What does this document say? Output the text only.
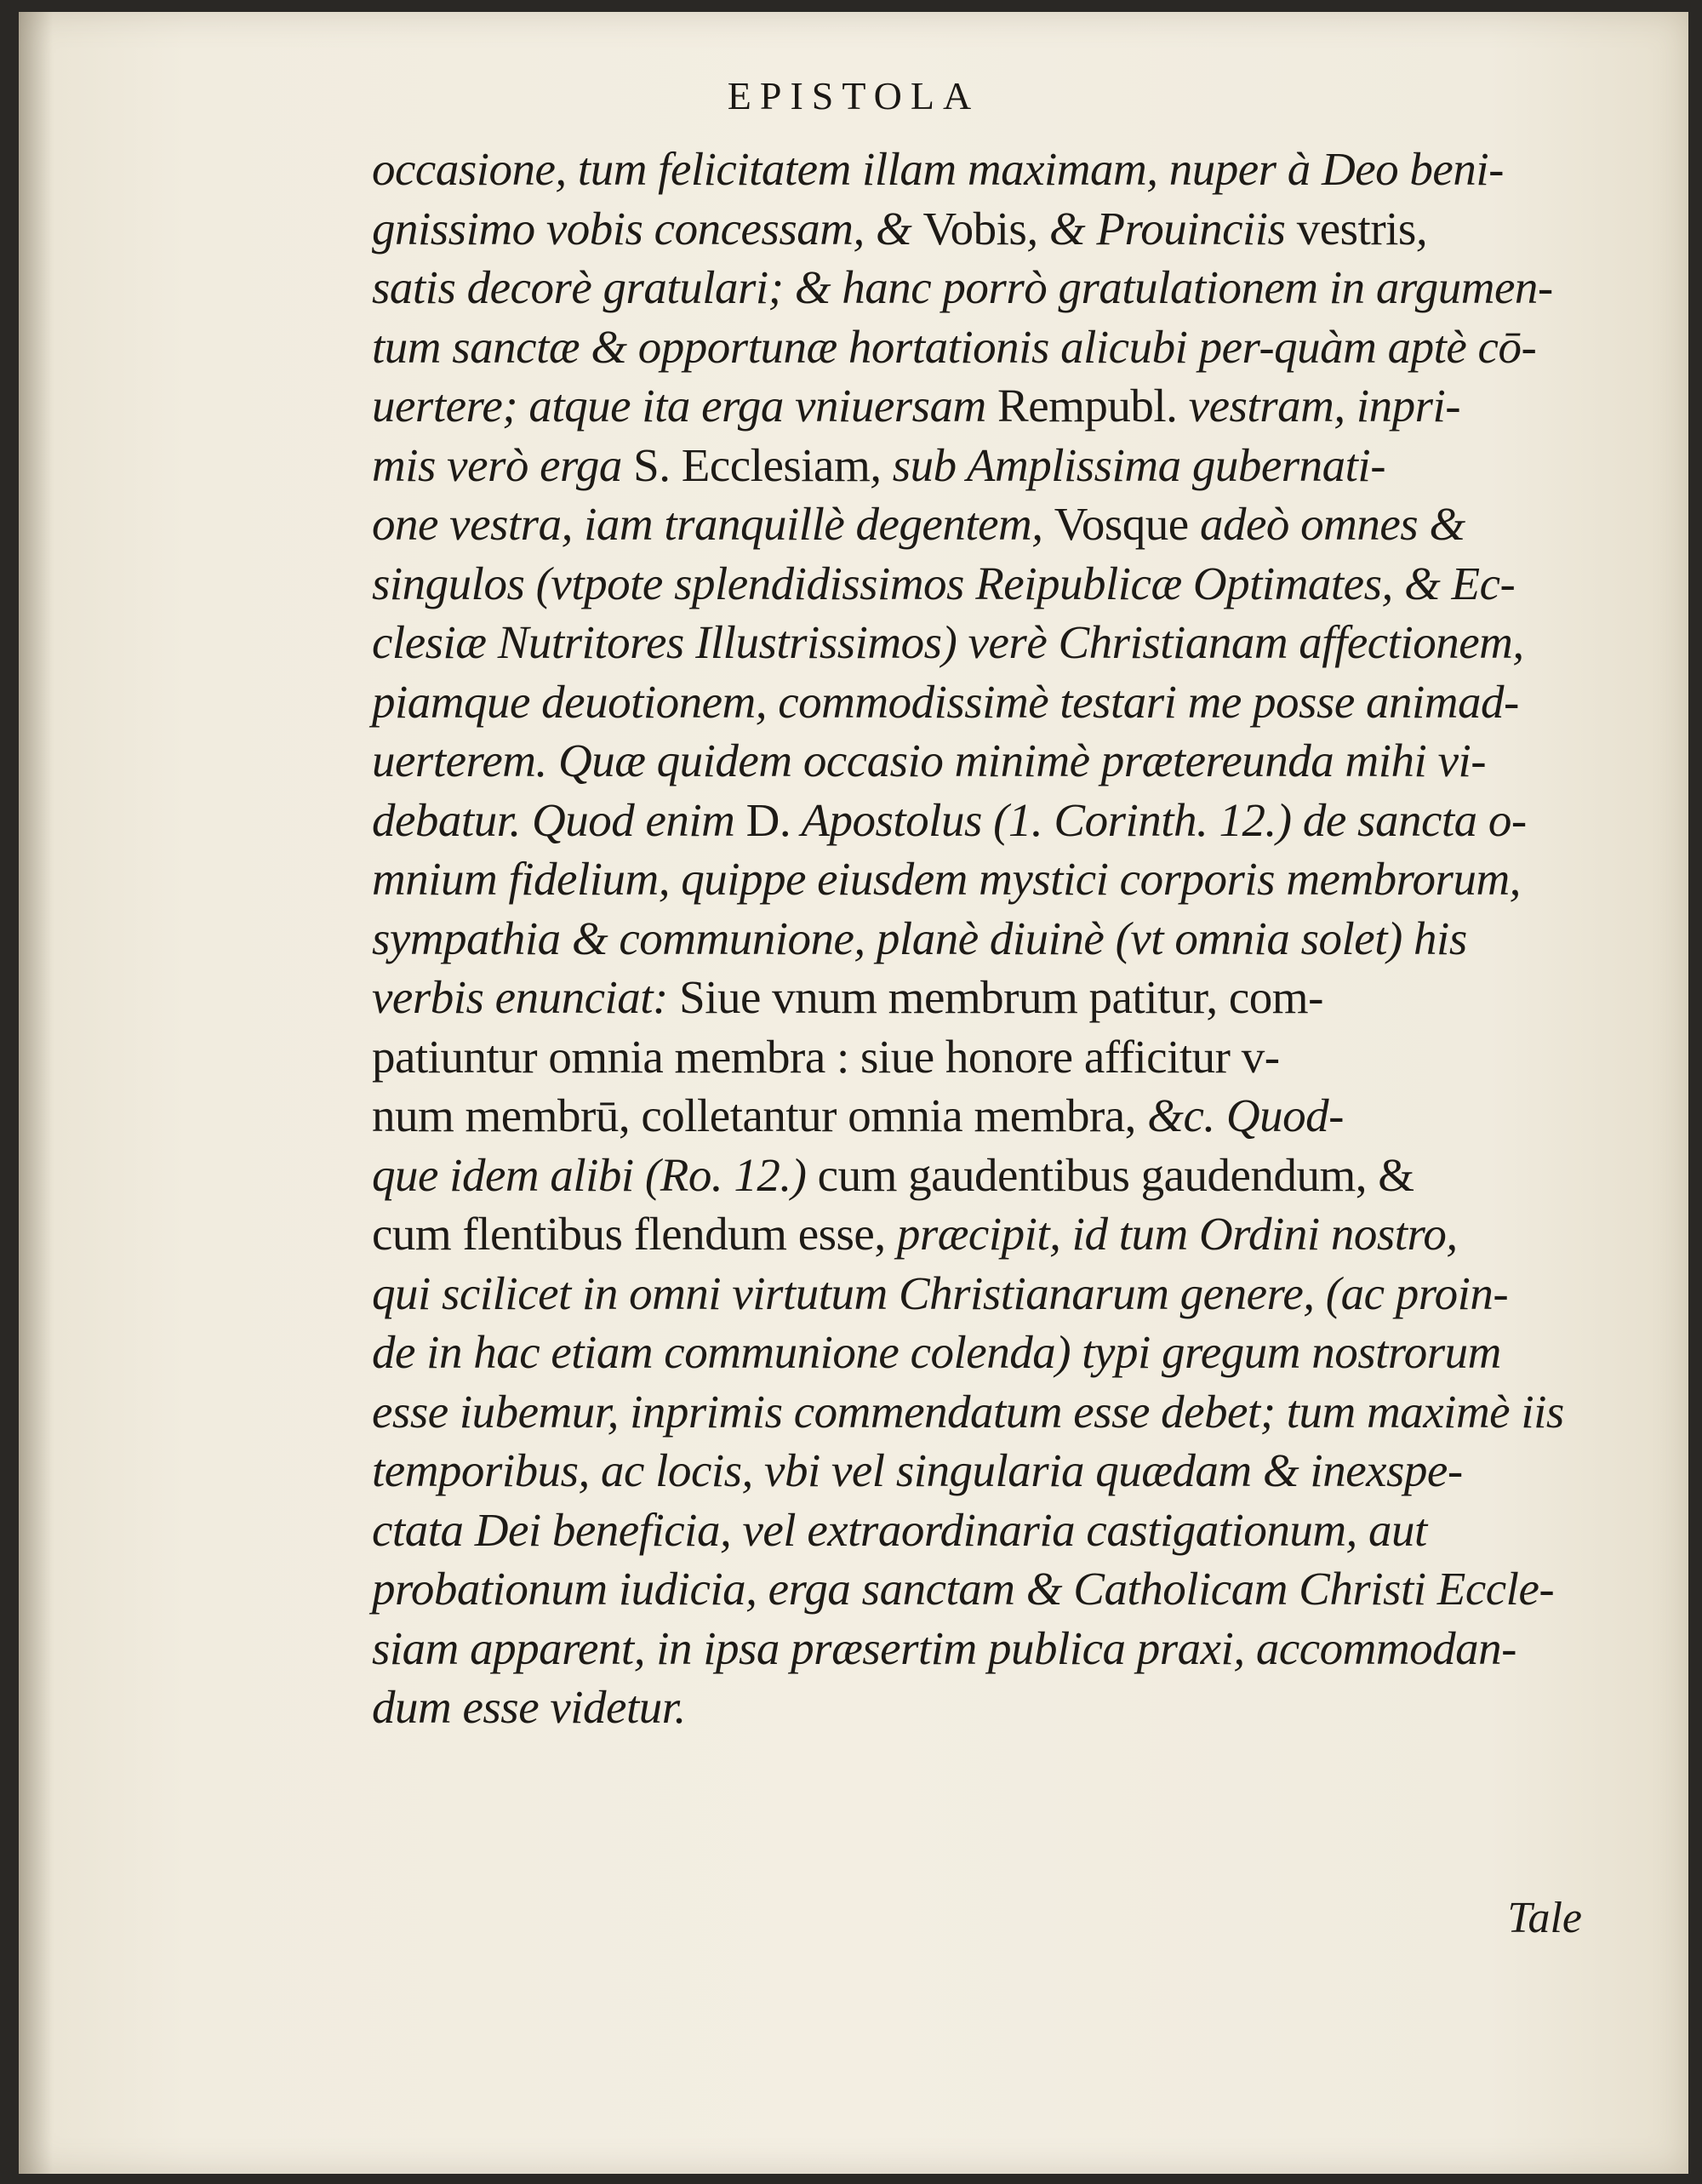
EPISTOLA
occasione, tum felicitatem illam maximam, nuper à Deo beni-
gnissimo vobis concessam, & Vobis, & Prouinciis vestris,
satis decorè gratulari; & hanc porrò gratulationem in argumen-
tum sanctæ & opportunæ hortationis alicubi per-quàm aptè cō-
uertere; atque ita erga vniuersam Rempubl. vestram, inpri-
mis verò erga S. Ecclesiam, sub Amplissima gubernati-
one vestra, iam tranquillè degentem, Vosque adeò omnes &
singulos (vtpote splendidissimos Reipublicæ Optimates, & Ec-
clesiæ Nutritores Illustrissimos) verè Christianam affectionem,
piamque deuotionem, commodissimè testari me posse animad-
uerterem. Quæ quidem occasio minimè prætereunda mihi vi-
debatur. Quod enim D. Apostolus (1. Corinth. 12.) de sancta o-
mnium fidelium, quippe eiusdem mystici corporis membrorum,
sympathia & communione, planè diuinè (vt omnia solet) his
verbis enunciat: Siue vnum membrum patitur, com-
patiuntur omnia membra : siue honore afficitur v-
num membrū, colletantur omnia membra, &c. Quod-
que idem alibi (Ro. 12.) cum gaudentibus gaudendum, &
cum flentibus flendum esse, præcipit, id tum Ordini nostro,
qui scilicet in omni virtutum Christianarum genere, (ac proin-
de in hac etiam communione colenda) typi gregum nostrorum
esse iubemur, inprimis commendatum esse debet; tum maximè iis
temporibus, ac locis, vbi vel singularia quædam & inexspe-
ctata Dei beneficia, vel extraordinaria castigationum, aut
probationum iudicia, erga sanctam & Catholicam Christi Eccle-
siam apparent, in ipsa præsertim publica praxi, accommodan-
dum esse videtur.
Tale
